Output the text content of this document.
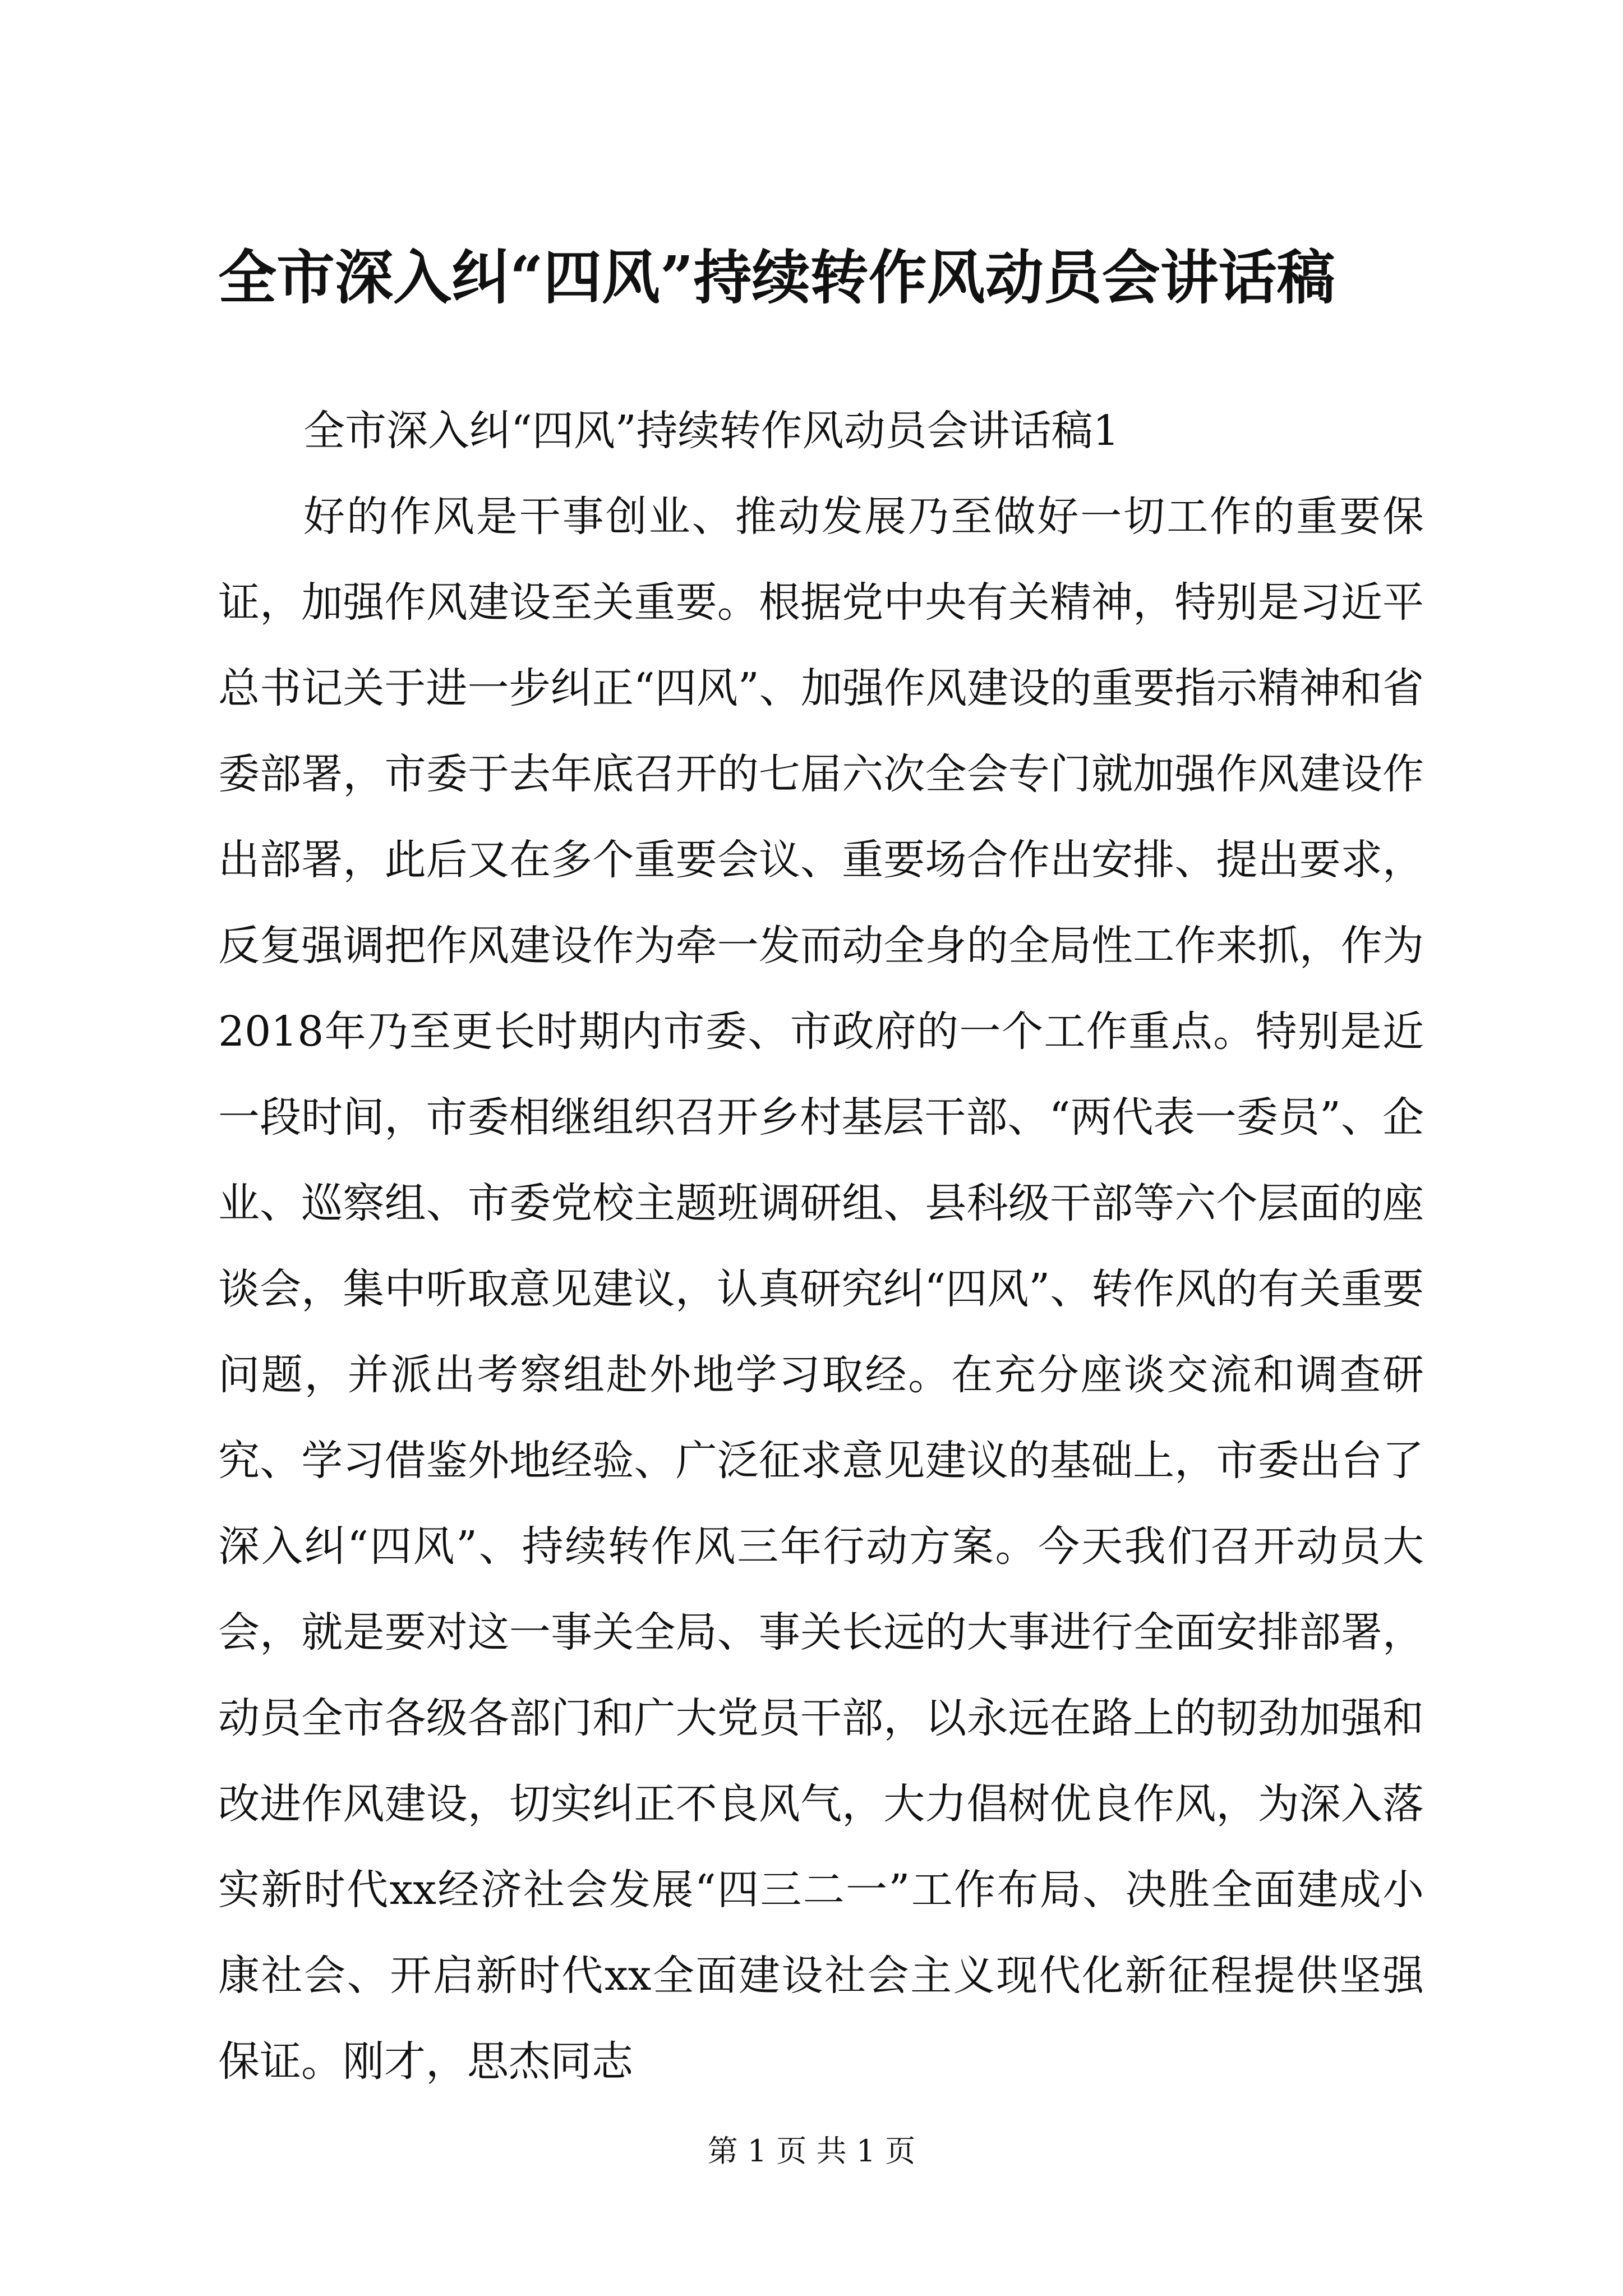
全市深入纠“四风”持续转作风动员会讲话稿

全市深入纠“四风”持续转作风动员会讲话稿1

好的作风是干事创业、推动发展乃至做好一切工作的重要保证，加强作风建设至关重要。根据党中央有关精神，特别是习近平总书记关于进一步纠正“四风”、加强作风建设的重要指示精神和省委部署，市委于去年底召开的七届六次全会专门就加强作风建设作出部署，此后又在多个重要会议、重要场合作出安排、提出要求，反复强调把作风建设作为牵一发而动全身的全局性工作来抓，作为2018年乃至更长时期内市委、市政府的一个工作重点。特别是近一段时间，市委相继组织召开乡村基层干部、“两代表一委员”、企业、巡察组、市委党校主题班调研组、县科级干部等六个层面的座谈会，集中听取意见建议，认真研究纠“四风”、转作风的有关重要问题，并派出考察组赴外地学习取经。在充分座谈交流和调查研究、学习借鉴外地经验、广泛征求意见建议的基础上，市委出台了深入纠“四风”、持续转作风三年行动方案。今天我们召开动员大会，就是要对这一事关全局、事关长远的大事进行全面安排部署，动员全市各级各部门和广大党员干部，以永远在路上的韧劲加强和改进作风建设，切实纠正不良风气，大力倡树优良作风，为深入落实新时代xx经济社会发展“四三二一”工作布局、决胜全面建成小康社会、开启新时代xx全面建设社会主义现代化新征程提供坚强保证。刚才，思杰同志

第 1 页 共 1 页
